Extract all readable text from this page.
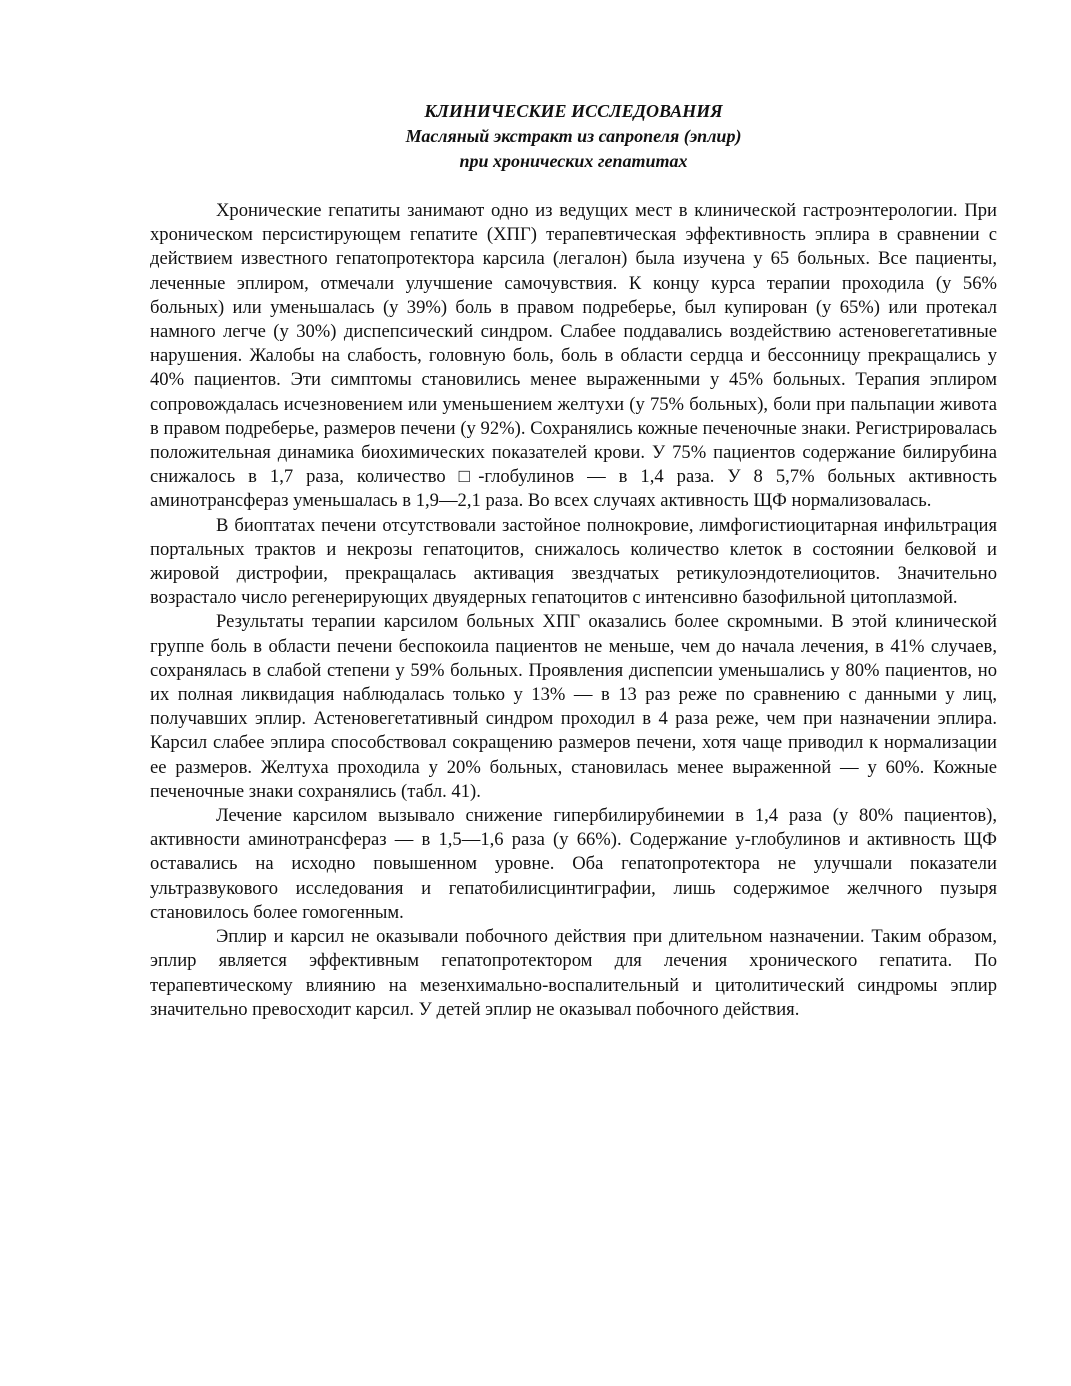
КЛИНИЧЕСКИЕ ИССЛЕДОВАНИЯ
Масляный экстракт из сапропеля (эплир)
при хронических гепатитах

Хронические гепатиты занимают одно из ведущих мест в клинической гастроэнтерологии. При хроническом персистирующем гепатите (ХПГ) терапевтическая эффективность эплира в сравнении с действием известного гепатопротектора карсила (легалон) была изучена у 65 больных. Все пациенты, леченные эплиром, отмечали улучшение самочувствия. К концу курса терапии проходила (у 56% больных) или уменьшалась (у 39%) боль в правом подреберье, был купирован (у 65%) или протекал намного легче (у 30%) диспепсический синдром. Слабее поддавались воздействию астеновегетативные нарушения. Жалобы на слабость, головную боль, боль в области сердца и бессонницу прекращались у 40% пациентов. Эти симптомы становились менее выраженными у 45% больных. Терапия эплиром сопровождалась исчезновением или уменьшением желтухи (у 75% больных), боли при пальпации живота в правом подреберье, размеров печени (у 92%). Сохранялись кожные печеночные знаки. Регистрировалась положительная динамика биохимических показателей крови. У 75% пациентов содержание билирубина снижалось в 1,7 раза, количество □-глобулинов — в 1,4 раза. У 8 5,7% больных активность аминотрансфераз уменьшалась в 1,9—2,1 раза. Во всех случаях активность ЩФ нормализовалась.

В биоптатах печени отсутствовали застойное полнокровие, лимфогистиоцитарная инфильтрация портальных трактов и некрозы гепатоцитов, снижалось количество клеток в состоянии белковой и жировой дистрофии, прекращалась активация звездчатых ретикулоэндотелиоцитов. Значительно возрастало число регенерирующих двуядерных гепатоцитов с интенсивно базофильной цитоплазмой.

Результаты терапии карсилом больных ХПГ оказались более скромными. В этой клинической группе боль в области печени беспокоила пациентов не меньше, чем до начала лечения, в 41% случаев, сохранялась в слабой степени у 59% больных. Проявления диспепсии уменьшались у 80% пациентов, но их полная ликвидация наблюдалась только у 13% — в 13 раз реже по сравнению с данными у лиц, получавших эплир. Астеновегетативный синдром проходил в 4 раза реже, чем при назначении эплира. Карсил слабее эплира способствовал сокращению размеров печени, хотя чаще приводил к нормализации ее размеров. Желтуха проходила у 20% больных, становилась менее выраженной — у 60%. Кожные печеночные знаки сохранялись (табл. 41).

Лечение карсилом вызывало снижение гипербилирубинемии в 1,4 раза (у 80% пациентов), активности аминотрансфераз — в 1,5—1,6 раза (у 66%). Содержание у-глобулинов и активность ЩФ оставались на исходно повышенном уровне. Оба гепатопротектора не улучшали показатели ультразвукового исследования и гепатобилисцинтиграфии, лишь содержимое желчного пузыря становилось более гомогенным.

Эплир и карсил не оказывали побочного действия при длительном назначении. Таким образом, эплир является эффективным гепатопротектором для лечения хронического гепатита. По терапевтическому влиянию на мезенхимально-воспалительный и цитолитический синдромы эплир значительно превосходит карсил. У детей эплир не оказывал побочного действия.
